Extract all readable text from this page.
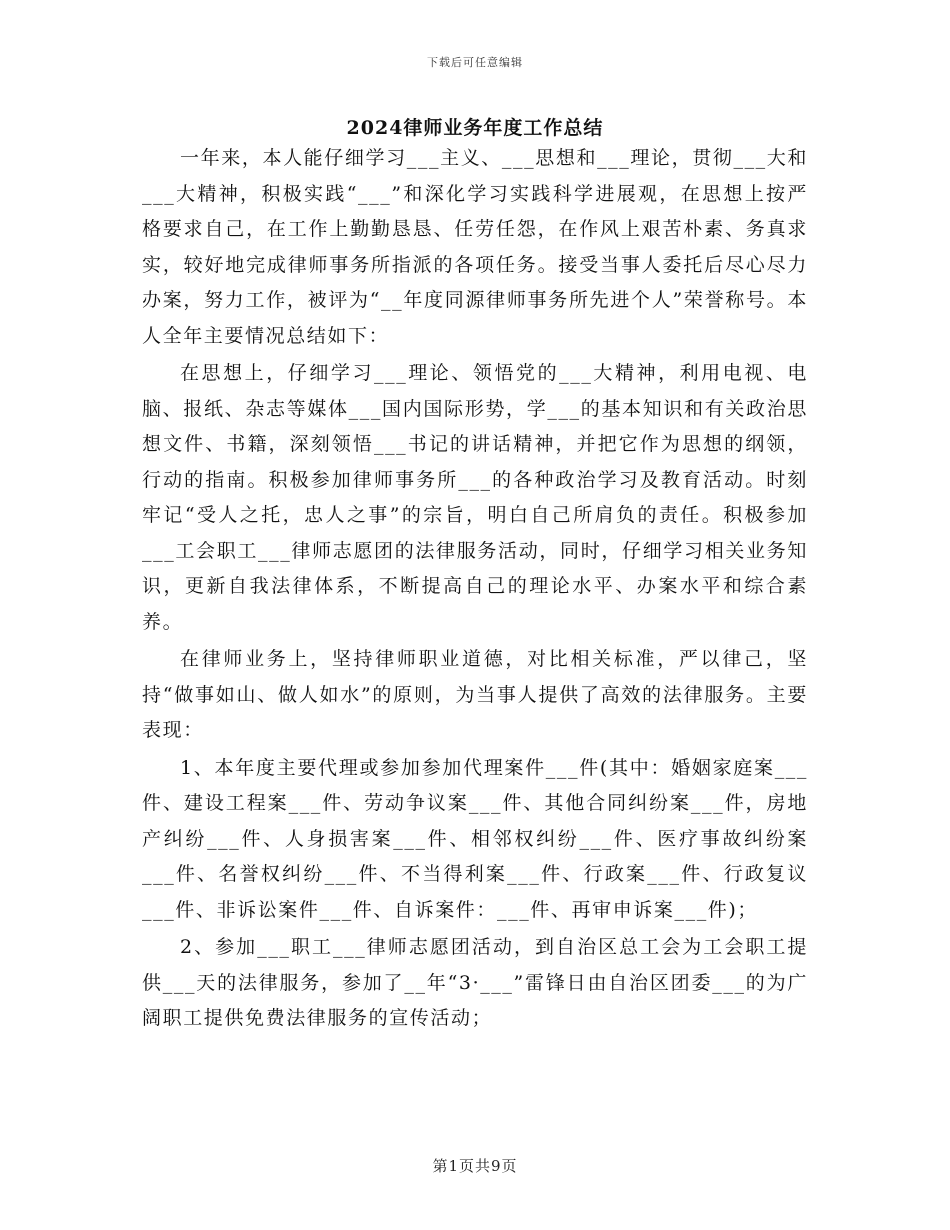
下载后可任意编辑
2024律师业务年度工作总结

一年来，本人能仔细学习___主义、___思想和___理论，贯彻___大和___大精神，积极实践“___”和深化学习实践科学进展观，在思想上按严格要求自己，在工作上勤勤恳恳、任劳任怨，在作风上艰苦朴素、务真求实，较好地完成律师事务所指派的各项任务。接受当事人委托后尽心尽力办案，努力工作，被评为“__年度同源律师事务所先进个人”荣誉称号。本人全年主要情况总结如下：

在思想上，仔细学习___理论、领悟党的___大精神，利用电视、电脑、报纸、杂志等媒体___国内国际形势，学___的基本知识和有关政治思想文件、书籍，深刻领悟___书记的讲话精神，并把它作为思想的纲领，行动的指南。积极参加律师事务所___的各种政治学习及教育活动。时刻牢记“受人之托，忠人之事”的宗旨，明白自己所肩负的责任。积极参加___工会职工___律师志愿团的法律服务活动，同时，仔细学习相关业务知识，更新自我法律体系，不断提高自己的理论水平、办案水平和综合素养。

在律师业务上，坚持律师职业道德，对比相关标准，严以律己，坚持“做事如山、做人如水”的原则，为当事人提供了高效的法律服务。主要表现：

1、本年度主要代理或参加参加代理案件___件(其中：婚姻家庭案___件、建设工程案___件、劳动争议案___件、其他合同纠纷案___件，房地产纠纷___件、人身损害案___件、相邻权纠纷___件、医疗事故纠纷案___件、名誉权纠纷___件、不当得利案___件、行政案___件、行政复议___件、非诉讼案件___件、自诉案件：___件、再审申诉案___件)；

2、参加___职工___律师志愿团活动，到自治区总工会为工会职工提供___天的法律服务，参加了__年“3·___”雷锋日由自治区团委___的为广阔职工提供免费法律服务的宣传活动；

第1页共9页
